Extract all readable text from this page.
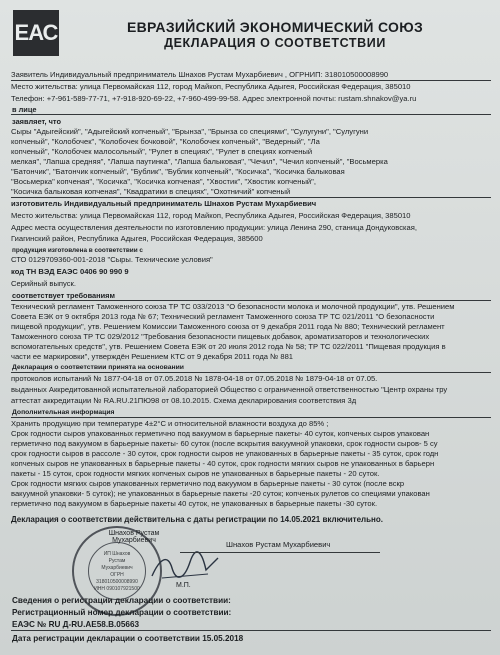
ЕАС	ЕВРАЗИЙСКИЙ ЭКОНОМИЧЕСКИЙ СОЮЗ
ДЕКЛАРАЦИЯ О СООТВЕТСТВИИ
Заявитель Индивидуальный предприниматель Шнахов Рустам Мухарбиевич , ОГРНИП: 318010500008990
Место жительства: улица Первомайская 112, город Майкоп, Республика Адыгея, Российская Федерация, 385010
Телефон: +7-961-589-77-71, +7-918-920-69-22, +7-960-499-99-58. Адрес электронной почты: rustam.shnakov@ya.ru
в лице
заявляет, что
Сыры "Адыгейский", "Адыгейский копченый", "Брынза", "Брынза со специями", "Сулугуни", "Сулугуни
копченый", "Колобочек", "Колобочек бочковой", "Колобочек копченый", "Ведерный", "Ла
копченый", "Колобочек малосольный", "Рулет в специях", "Рулет в специях копченый
мелкая", "Лапша средняя", "Лапша паутинка", "Лапша балыковая", "Чечил", "Чечил копченый", "Восьмерка
"Батончик", "Батончик копченый", "Бублик", "Бублик копченый", "Косичка", "Косичка балыковая
"Восьмерка" копченая", "Косичка", "Косичка копченая", "Хвостик", "Хвостик копченый",
"Косичка балыковая копченая", "Квадратики в специях", "Охотничий" копченый
изготовитель Индивидуальный предприниматель Шнахов Рустам Мухарбиевич
Место жительства: улица Первомайская 112, город Майкоп, Республика Адыгея, Российская Федерация, 385010
Адрес места осуществления деятельности по изготовлению продукции: улица Ленина 290, станица Дондуковская,
Гиагинский район, Республика Адыгея, Российская Федерация, 385600
продукция изготовлена в соответствии с
СТО 0129709360-001-2018 "Сыры. Технические условия"
код ТН ВЭД ЕАЭС 0406 90 990 9
Серийный выпуск.
соответствует требованиям
Технический регламент Таможенного союза ТР ТС 033/2013 "О безопасности молока и молочной продукции", утв. Решением
Совета ЕЭК от 9 октября 2013 года № 67; Технический регламент Таможенного союза ТР ТС 021/2011 "О безопасности
пищевой продукции", утв. Решением Комиссии Таможенного союза от 9 декабря 2011 года № 880; Технический регламент
Таможенного союза ТР ТС 029/2012 "Требования безопасности пищевых добавок, ароматизаторов и технологических
вспомогательных средств", утв. Решением Совета ЕЭК от 20 июля 2012 года № 58; ТР ТС 022/2011 "Пищевая продукция в
части ее маркировки", утверждён Решением КТС от 9 декабря 2011 года № 881
Декларация о соответствии принята на основании
протоколов испытаний № 1877-04-18 от 07.05.2018 № 1878-04-18 от 07.05.2018 № 1879-04-18 от 07.05.
выданных Аккредитованной испытательной лабораторией Общество с ограниченной ответственностью "Центр охраны тру
аттестат аккредитации № RA.RU.21ПЮ98 от 08.10.2015. Схема декларирования соответствия 3д
Дополнительная информация
Хранить продукцию при температуре 4±2°С и относительной влажности воздуха до 85% ;
Срок годности сыров упакованных герметично под вакуумом в барьерные пакеты- 40 суток, копченых сыров упакован
герметично под вакуумом в барьерные пакеты- 60 суток (после вскрытия вакуумной упаковки, срок годности сыров- 5 су
срок годности сыров в рассоле - 30 суток, срок годности сыров не упакованных в барьерные пакеты - 35 суток, срок годн
копченых сыров не упакованных в барьерные пакеты - 40 суток, срок годности мягких сыров не упакованных в барьерн
пакеты - 15 суток, срок годности мягких копченых сыров не упакованных в барьерные пакеты - 20 суток.
Срок годности мягких сыров упакованных герметично под вакуумом в барьерные пакеты - 30 суток (после вскр
вакуумной упаковки- 5 суток); не упакованных в барьерные пакеты -20 суток; копченых рулетов со специями упакован
герметично под вакуумом в барьерные пакеты 40 суток, не упакованных в барьерные пакеты -30 суток.
Декларация о соответствии действительна с даты регистрации по 14.05.2021 включительно.
ИП Шнахов
Рустам
Мухарбиевич
ОГРН 318010500008990
ИНН 090107921500
Шнахов Рустам
Мухарбиевич	Шнахов Рустам Мухарбиевич
М.П.
Сведения о регистрации декларации о соответствии:
Регистрационный номер декларации о соответствии:
ЕАЭС № RU Д-RU.АЕ58.В.05663
Дата регистрации декларации о соответствии 15.05.2018
